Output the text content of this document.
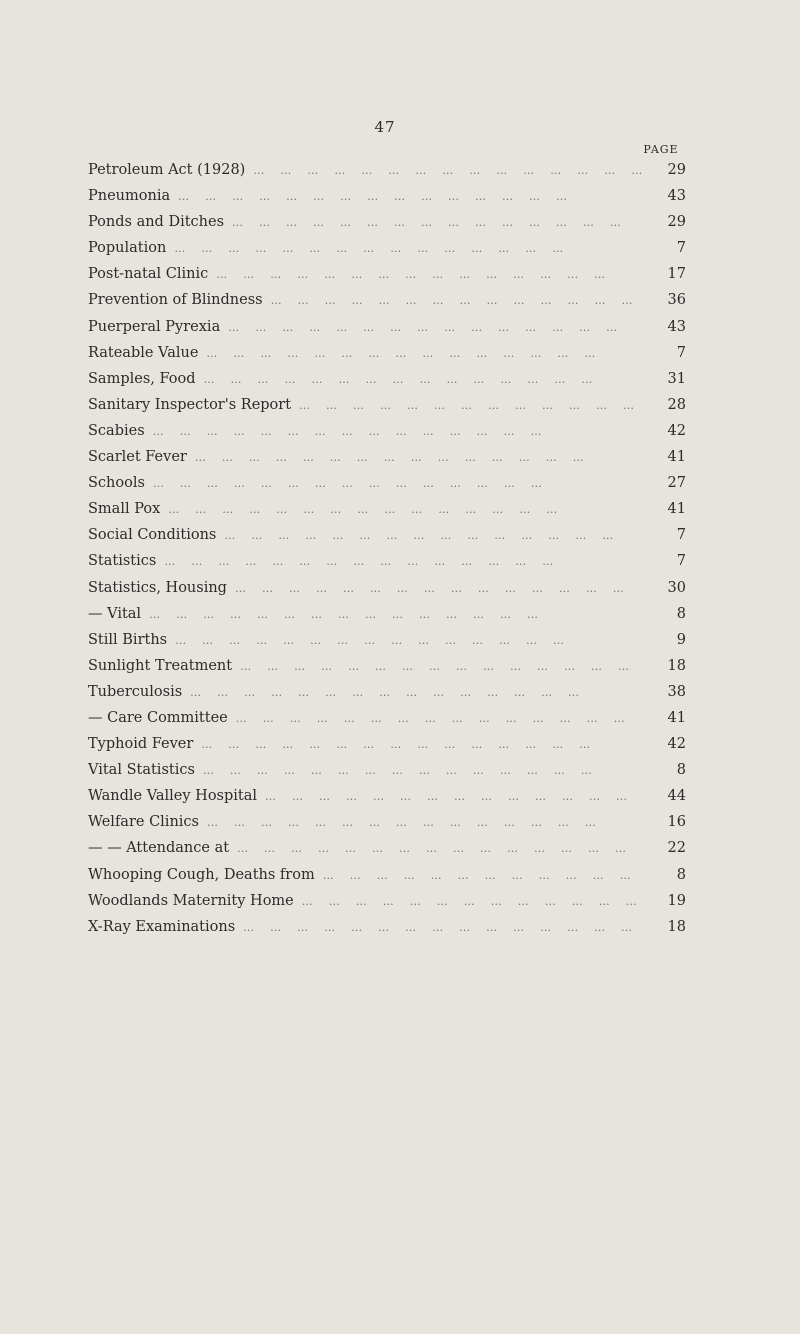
47
PAGE
Petroleum Act (1928) … … … … … … … … … … … … … … …	29
Pneumonia … … … … … … … … … … … … … … …	43
Ponds and Ditches … … … … … … … … … … … … … … …	29
Population … … … … … … … … … … … … … … …	7
Post-natal Clinic … … … … … … … … … … … … … … …	17
Prevention of Blindness … … … … … … … … … … … … … … …	36
Puerperal Pyrexia … … … … … … … … … … … … … … …	43
Rateable Value … … … … … … … … … … … … … … …	7
Samples, Food … … … … … … … … … … … … … … …	31
Sanitary Inspector's Report … … … … … … … … … … … … … … …	28
Scabies … … … … … … … … … … … … … … …	42
Scarlet Fever … … … … … … … … … … … … … … …	41
Schools … … … … … … … … … … … … … … …	27
Small Pox … … … … … … … … … … … … … … …	41
Social Conditions … … … … … … … … … … … … … … …	7
Statistics … … … … … … … … … … … … … … …	7
Statistics, Housing … … … … … … … … … … … … … … …	30
— Vital … … … … … … … … … … … … … … …	8
Still Births … … … … … … … … … … … … … … …	9
Sunlight Treatment … … … … … … … … … … … … … … …	18
Tuberculosis … … … … … … … … … … … … … … …	38
— Care Committee … … … … … … … … … … … … … … …	41
Typhoid Fever … … … … … … … … … … … … … … …	42
Vital Statistics … … … … … … … … … … … … … … …	8
Wandle Valley Hospital … … … … … … … … … … … … … … …	44
Welfare Clinics … … … … … … … … … … … … … … …	16
— — Attendance at … … … … … … … … … … … … … … …	22
Whooping Cough, Deaths from … … … … … … … … … … … … … … …	8
Woodlands Maternity Home … … … … … … … … … … … … … … …	19
X-Ray Examinations … … … … … … … … … … … … … … …	18
